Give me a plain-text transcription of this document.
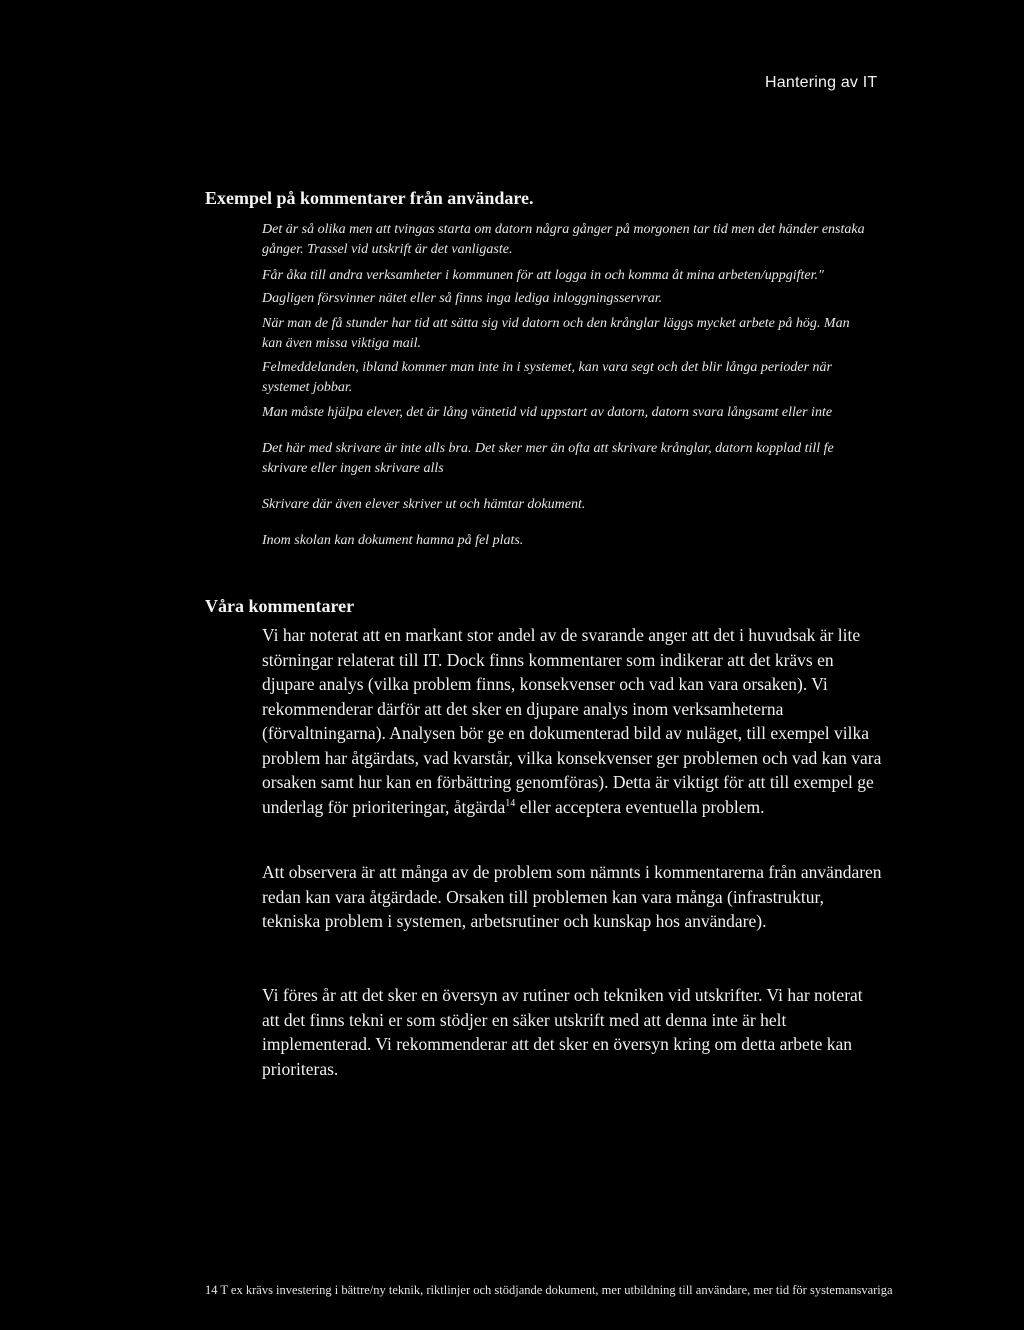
Hantering av IT
Exempel på kommentarer från användare.
Det är så olika men att tvingas starta om datorn några gånger på morgonen tar tid men det händer enstaka gånger. Trassel vid utskrift är det vanligaste.
Får åka till andra verksamheter i kommunen för att logga in och komma åt mina arbeten/uppgifter."
Dagligen försvinner nätet eller så finns inga lediga inloggningsservrar.
När man de få stunder har tid att sätta sig vid datorn och den krånglar läggs mycket arbete på hög. Man kan även missa viktiga mail.
Felmeddelanden, ibland kommer man inte in i systemet, kan vara segt och det blir långa perioder när systemet jobbar.
Man måste hjälpa elever, det är lång väntetid vid uppstart av datorn, datorn svara långsamt eller inte
Det här med skrivare är inte alls bra. Det sker mer än ofta att skrivare krånglar, datorn kopplad till fe skrivare eller ingen skrivare alls
Skrivare där även elever skriver ut och hämtar dokument.
Inom skolan kan dokument hamna på fel plats.
Våra kommentarer

Vi har noterat att en markant stor andel av de svarande anger att det i huvudsak är lite störningar relaterat till IT. Dock finns kommentarer som indikerar att det krävs en djupare analys (vilka problem finns, konsekvenser och vad kan vara orsaken). Vi rekommenderar därför att det sker en djupare analys inom verksamheterna (förvaltningarna). Analysen bör ge en dokumenterad bild av nuläget, till exempel vilka problem har åtgärdats, vad kvarstår, vilka konsekvenser ger problemen och vad kan vara orsaken samt hur kan en förbättring genomföras). Detta är viktigt för att till exempel ge underlag för prioriteringar, åtgärda$^{14}$ eller acceptera eventuella problem.

Att observera är att många av de problem som nämnts i kommentarerna från användaren redan kan vara åtgärdade. Orsaken till problemen kan vara många (infrastruktur, tekniska problem i systemen, arbetsrutiner och kunskap hos användare).

Vi föres år att det sker en översyn av rutiner och tekniken vid utskrifter. Vi har noterat att det finns tekni er som stödjer en säker utskrift med att denna inte är helt implementerad. Vi rekommenderar att det sker en översyn kring om detta arbete kan prioriteras.

14 T ex krävs investering i bättre/ny teknik, riktlinjer och stödjande dokument, mer utbildning till användare, mer tid för systemansvariga
